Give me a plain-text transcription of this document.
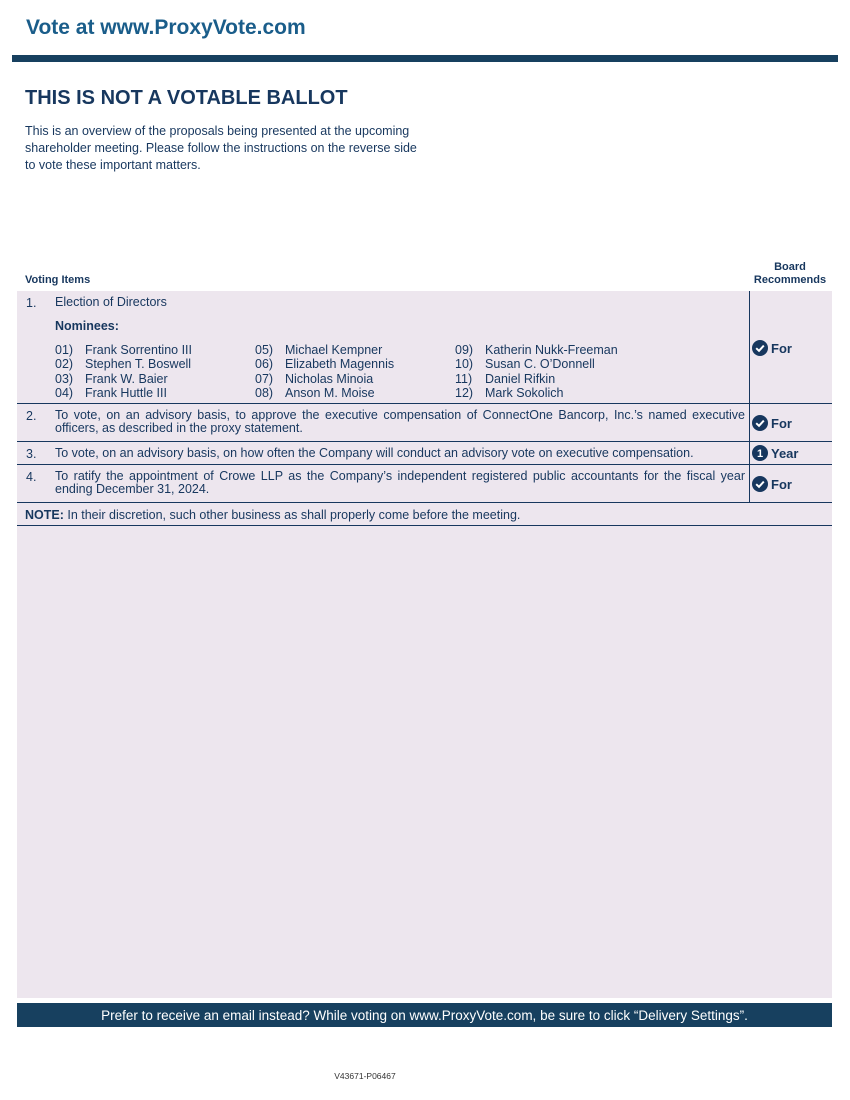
Vote at www.ProxyVote.com
THIS IS NOT A VOTABLE BALLOT
This is an overview of the proposals being presented at the upcoming shareholder meeting. Please follow the instructions on the reverse side to vote these important matters.
Voting Items
Board Recommends
1. Election of Directors
Nominees:
01) Frank Sorrentino III
02) Stephen T. Boswell
03) Frank W. Baier
04) Frank Huttle III
05) Michael Kempner
06) Elizabeth Magennis
07) Nicholas Minoia
08) Anson M. Moise
09) Katherin Nukk-Freeman
10) Susan C. O’Donnell
11) Daniel Rifkin
12) Mark Sokolich
For
2. To vote, on an advisory basis, to approve the executive compensation of ConnectOne Bancorp, Inc.’s named executive officers, as described in the proxy statement.	For
3. To vote, on an advisory basis, on how often the Company will conduct an advisory vote on executive compensation.	1 Year
4. To ratify the appointment of Crowe LLP as the Company’s independent registered public accountants for the fiscal year ending December 31, 2024.	For
NOTE: In their discretion, such other business as shall properly come before the meeting.
Prefer to receive an email instead? While voting on www.ProxyVote.com, be sure to click “Delivery Settings”.
V43671-P06467
